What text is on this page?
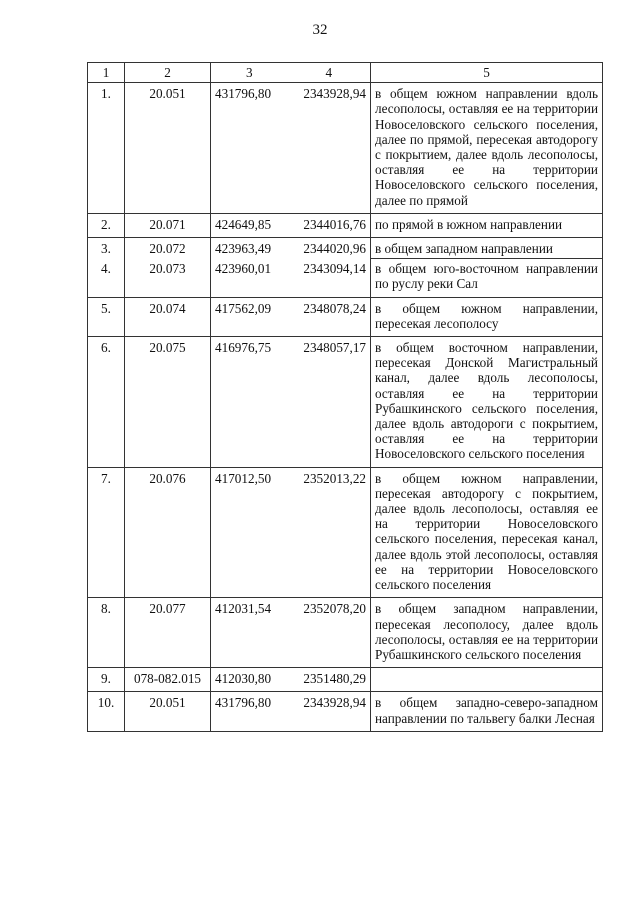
32
1	2	3	4	5
1.	20.051	431796,80	2343928,94	в общем южном направлении вдоль лесополосы, оставляя ее на территории Новоселовского сельского поселения, далее по прямой, пересекая автодорогу с покрытием, далее вдоль лесополосы, оставляя ее на территории Новоселовского сельского поселения, далее по прямой
2.	20.071	424649,85	2344016,76	по прямой в южном направлении
3.	20.072	423963,49	2344020,96	в общем западном направлении
4.	20.073	423960,01	2343094,14	в общем юго-восточном направлении по руслу реки Сал
5.	20.074	417562,09	2348078,24	в общем южном направлении, пересекая лесополосу
6.	20.075	416976,75	2348057,17	в общем восточном направлении, пересекая Донской Магистральный канал, далее вдоль лесополосы, оставляя ее на территории Рубашкинского сельского поселения, далее вдоль автодороги с покрытием, оставляя ее на территории Новоселовского сельского поселения
7.	20.076	417012,50	2352013,22	в общем южном направлении, пересекая автодорогу с покрытием, далее вдоль лесополосы, оставляя ее на территории Новоселовского сельского поселения, пересекая канал, далее вдоль этой лесополосы, оставляя ее на территории Новоселовского сельского поселения
8.	20.077	412031,54	2352078,20	в общем западном направлении, пересекая лесополосу, далее вдоль лесополосы, оставляя ее на территории Рубашкинского сельского поселения
9.	078-082.015	412030,80	2351480,29	
10.	20.051	431796,80	2343928,94	в общем западно-северо-западном направлении по тальвегу балки Лесная
